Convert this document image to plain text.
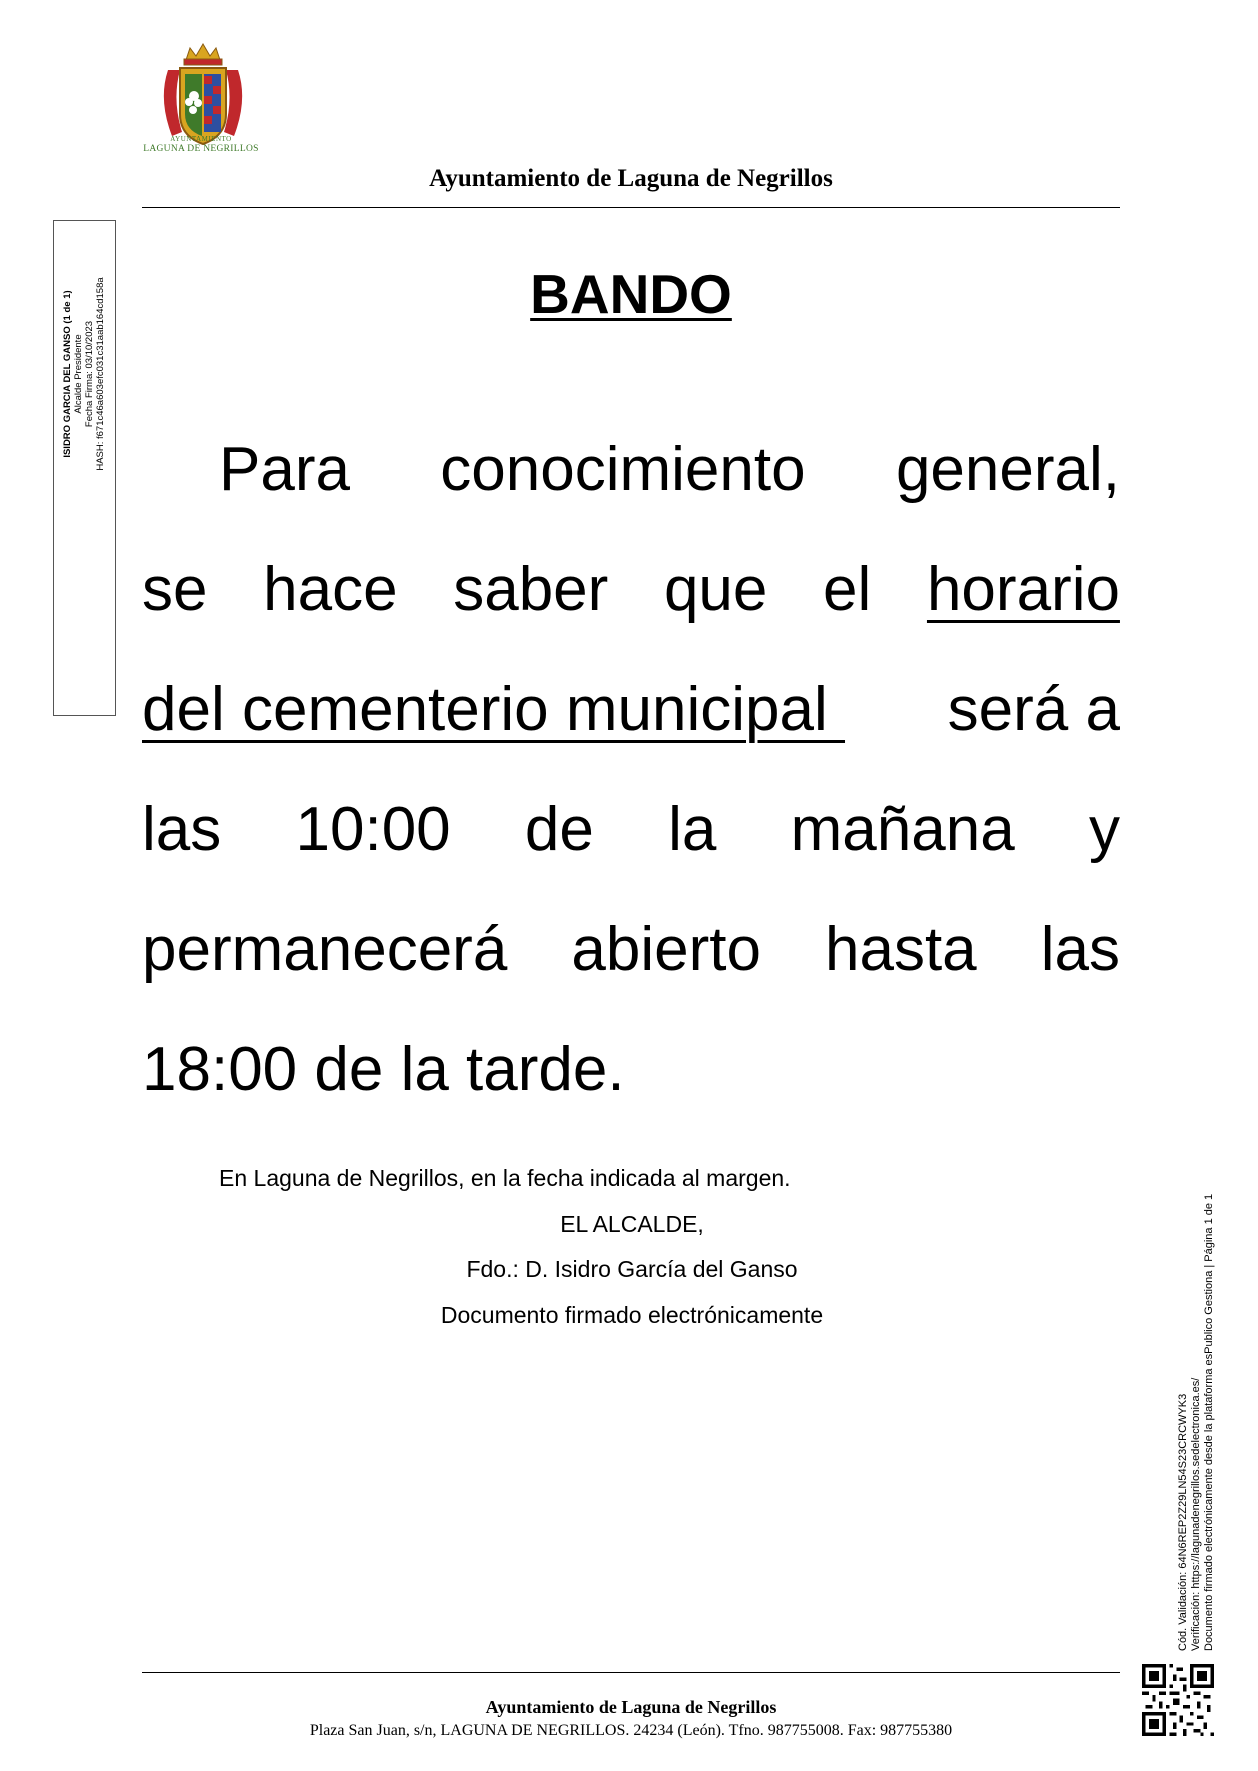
AYUNTAMIENTO
LAGUNA DE NEGRILLOS
Ayuntamiento de Laguna de Negrillos
ISIDRO GARCIA DEL GANSO (1 de 1) Alcalde Presidente Fecha Firma: 03/10/2023 HASH: f671c46a603efc031c31aab164cd158a	BANDO
Para conocimiento general,
se hace saber que el horario
del cementerio municipal será a
las 10:00 de la mañana y
permanecerá abierto hasta las
18:00 de la tarde.
En Laguna de Negrillos, en la fecha indicada al margen.
EL ALCALDE,
Fdo.: D. Isidro García del Ganso
Documento firmado electrónicamente
Cód. Validación: 64N6REP2Z29LN54S23CRCWYK3 Verificación: https://lagunadenegrillos.sedelectronica.es/ Documento firmado electrónicamente desde la plataforma esPublico Gestiona | Página 1 de 1
Ayuntamiento de Laguna de Negrillos
Plaza San Juan, s/n, LAGUNA DE NEGRILLOS. 24234 (León). Tfno. 987755008. Fax: 987755380
